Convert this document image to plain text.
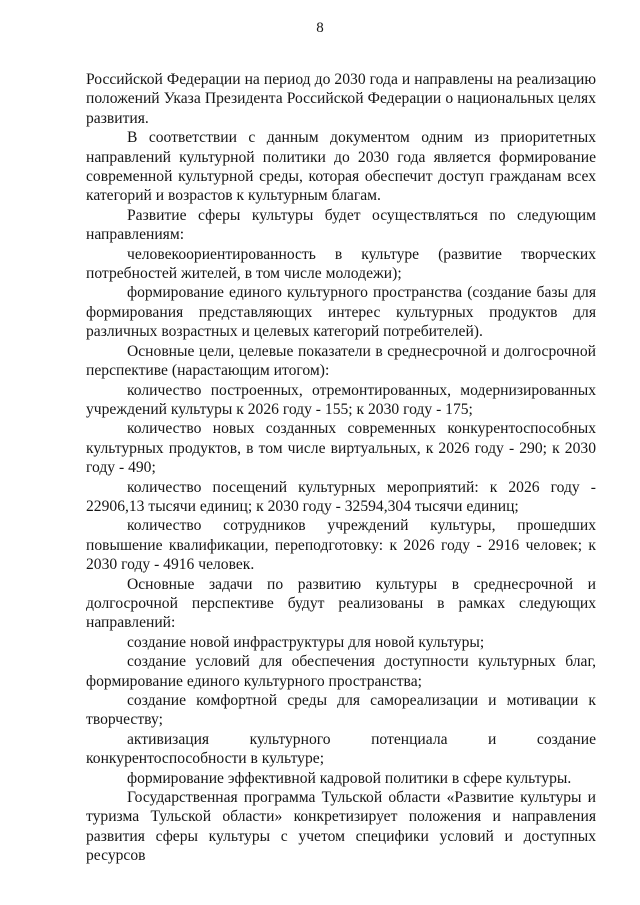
8

Российской Федерации на период до 2030 года и направлены на реализацию положений Указа Президента Российской Федерации о национальных целях развития.

В соответствии с данным документом одним из приоритетных направлений культурной политики до 2030 года является формирование современной культурной среды, которая обеспечит доступ гражданам всех категорий и возрастов к культурным благам.

Развитие сферы культуры будет осуществляться по следующим направлениям:

человекоориентированность в культуре (развитие творческих потребностей жителей, в том числе молодежи);

формирование единого культурного пространства (создание базы для формирования представляющих интерес культурных продуктов для различных возрастных и целевых категорий потребителей).

Основные цели, целевые показатели в среднесрочной и долгосрочной перспективе (нарастающим итогом):

количество построенных, отремонтированных, модернизированных учреждений культуры к 2026 году - 155; к 2030 году - 175;

количество новых созданных современных конкурентоспособных культурных продуктов, в том числе виртуальных, к 2026 году - 290; к 2030 году - 490;

количество посещений культурных мероприятий: к 2026 году - 22906,13 тысячи единиц; к 2030 году - 32594,304 тысячи единиц;

количество сотрудников учреждений культуры, прошедших повышение квалификации, переподготовку: к 2026 году - 2916 человек; к 2030 году - 4916 человек.

Основные задачи по развитию культуры в среднесрочной и долгосрочной перспективе будут реализованы в рамках следующих направлений:

создание новой инфраструктуры для новой культуры;

создание условий для обеспечения доступности культурных благ, формирование единого культурного пространства;

создание комфортной среды для самореализации и мотивации к творчеству;

активизация культурного потенциала и создание конкурентоспособности в культуре;

формирование эффективной кадровой политики в сфере культуры.

Государственная программа Тульской области «Развитие культуры и туризма Тульской области» конкретизирует положения и направления развития сферы культуры с учетом специфики условий и доступных ресурсов
